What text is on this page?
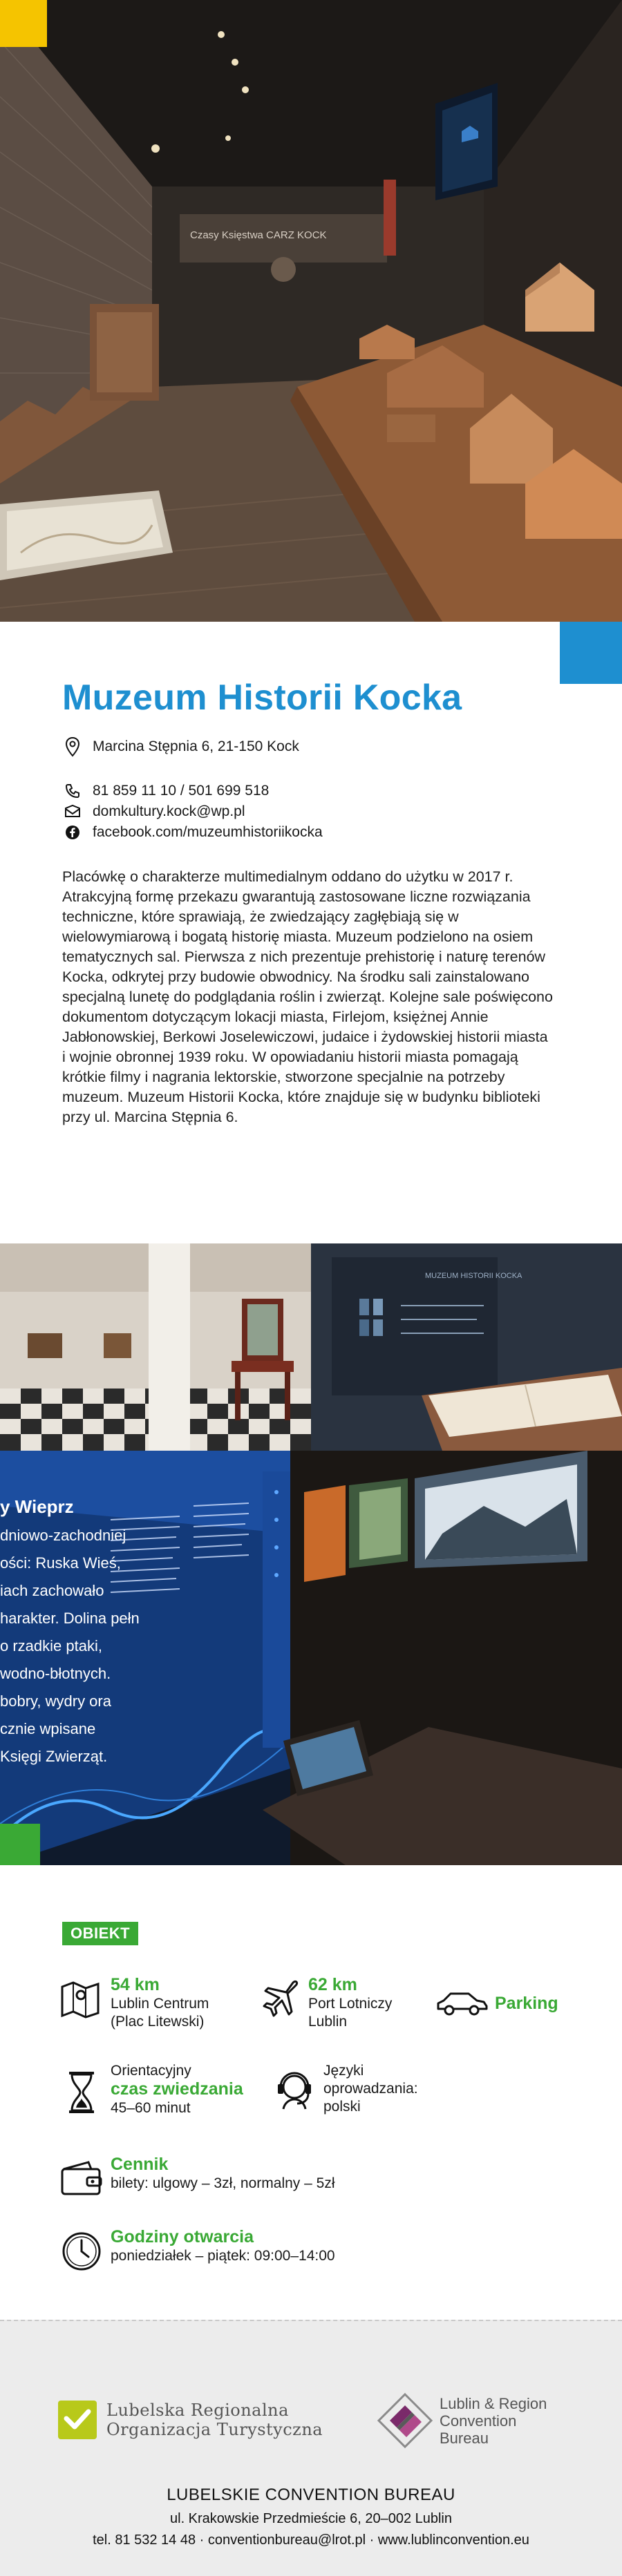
Czasy Księstwa CARZ KOCK
Muzeum Historii Kocka
Marcina Stępnia 6, 21-150 Kock
81 859 11 10 / 501 699 518
domkultury.kock@wp.pl
facebook.com/muzeumhistoriikocka
Placówkę o charakterze multimedialnym oddano do użytku w 2017 r. Atrakcyjną formę przekazu gwarantują zastosowane liczne rozwiązania techniczne, które sprawiają, że zwiedzający zagłębiają się w wielowymiarową i bogatą historię miasta. Muzeum podzielono na osiem tematycznych sal. Pierwsza z nich prezentuje prehistorię i naturę terenów Kocka, odkrytej przy budowie obwodnicy. Na środku sali zainstalowano specjalną lunetę do podglądania roślin i zwierząt. Kolejne sale poświęcono dokumentom dotyczącym lokacji miasta, Firlejom, księżnej Annie Jabłonowskiej, Berkowi Joselewiczowi, judaice i żydowskiej historii miasta i wojnie obronnej 1939 roku. W opowiadaniu historii miasta pomagają krótkie filmy i nagrania lektorskie, stworzone specjalnie na potrzeby muzeum. Muzeum Historii Kocka, które znajduje się w budynku biblioteki przy ul. Marcina Stępnia 6.
MUZEUM HISTORII KOCKA
y Wieprz
dniowo-zachodniej
ości: Ruska Wieś,
iach zachowało
harakter. Dolina pełn
o rzadkie ptaki,
wodno-błotnych.
bobry, wydry ora
cznie wpisane
Księgi Zwierząt.
OBIEKT
54 km
Lublin Centrum (Plac Litewski)
62 km
Port Lotniczy Lublin
Parking
Orientacyjny
czas zwiedzania
45–60 minut
Języki oprowadzania:
polski
Cennik
bilety: ulgowy – 3zł, normalny – 5zł
Godziny otwarcia
poniedziałek – piątek: 09:00–14:00
Lubelska Regionalna
Organizacja Turystyczna
Lublin & Region
Convention
Bureau
LUBELSKIE CONVENTION BUREAU
ul. Krakowskie Przedmieście 6, 20–002 Lublin
tel. 81 532 14 48 · conventionbureau@lrot.pl · www.lublinconvention.eu
